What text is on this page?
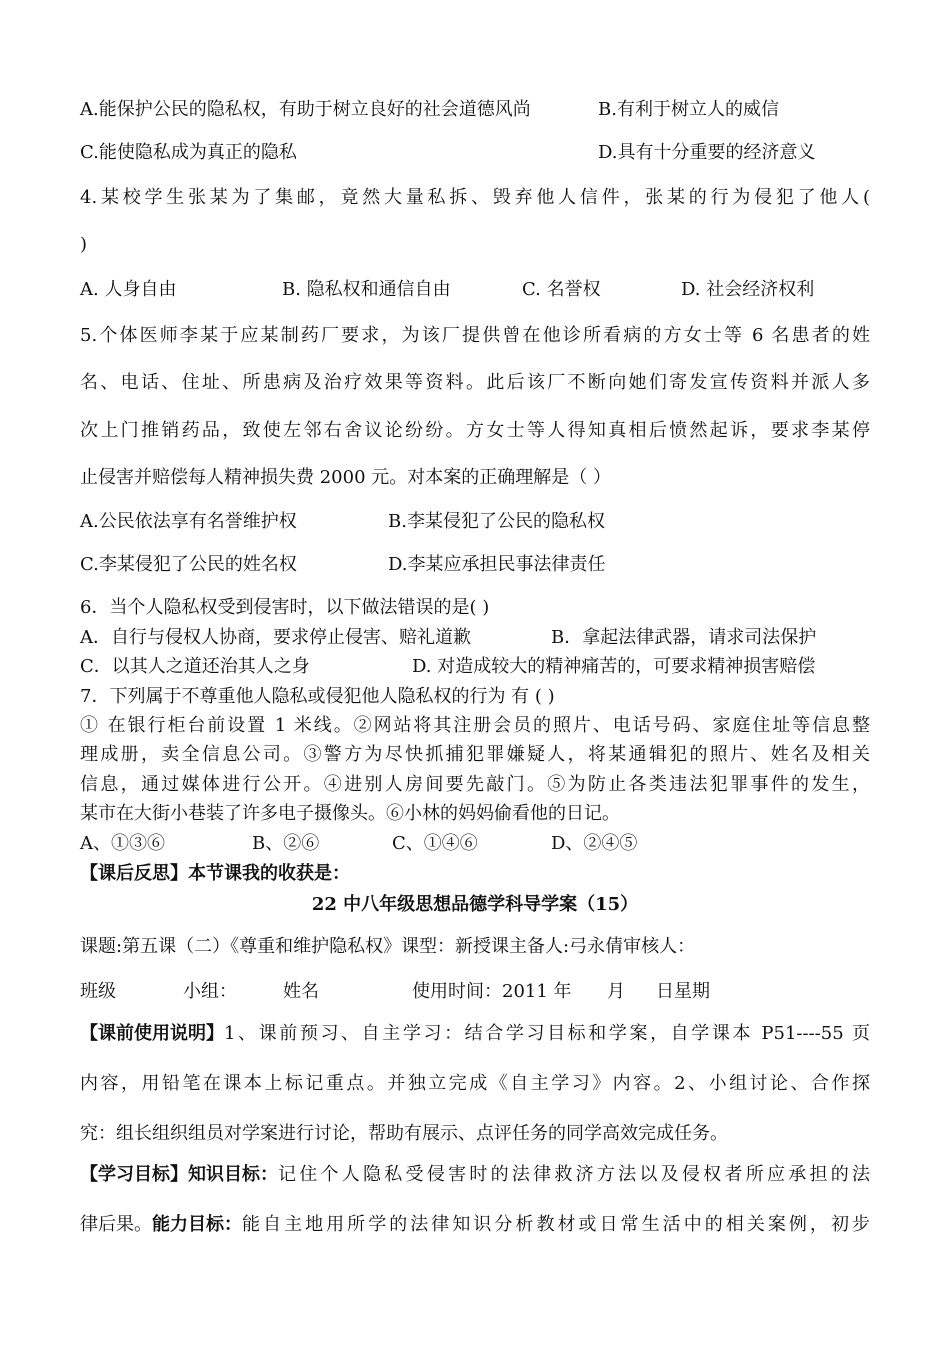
A.能保护公民的隐私权，有助于树立良好的社会道德风尚	B.有利于树立人的威信
C.能使隐私成为真正的隐私	D.具有十分重要的经济意义
4.某校学生张某为了集邮，竟然大量私拆、毁弃他人信件，张某的行为侵犯了他人(
)
A. 人身自由	B. 隐私权和通信自由	C. 名誉权	D. 社会经济权利
5.个体医师李某于应某制药厂要求，为该厂提供曾在他诊所看病的方女士等 6 名患者的姓
名、电话、住址、所患病及治疗效果等资料。此后该厂不断向她们寄发宣传资料并派人多
次上门推销药品，致使左邻右舍议论纷纷。方女士等人得知真相后愤然起诉，要求李某停
止侵害并赔偿每人精神损失费 2000 元。对本案的正确理解是（ ）
A.公民依法享有名誉维护权	B.李某侵犯了公民的隐私权
C.李某侵犯了公民的姓名权	D.李某应承担民事法律责任
6．当个人隐私权受到侵害时，以下做法错误的是( )
A．自行与侵权人协商，要求停止侵害、赔礼道歉	B．拿起法律武器，请求司法保护
C．以其人之道还治其人之身	D. 对造成较大的精神痛苦的，可要求精神损害赔偿
7．下列属于不尊重他人隐私或侵犯他人隐私权的行为 有 ( )
① 在银行柜台前设置 1 米线。②网站将其注册会员的照片、电话号码、家庭住址等信息整
理成册，卖全信息公司。③警方为尽快抓捕犯罪嫌疑人，将某通辑犯的照片、姓名及相关
信息，通过媒体进行公开。④进别人房间要先敲门。⑤为防止各类违法犯罪事件的发生，
某市在大街小巷装了许多电子摄像头。⑥小林的妈妈偷看他的日记。
A、①③⑥	B、②⑥	C、①④⑥	D、②④⑤
【课后反思】本节课我的收获是：
22 中八年级思想品德学科导学案（15）
课题:第五课（二）《尊重和维护隐私权》课型：新授课主备人:弓永倩审核人：
班级	小组：	姓名	使用时间：2011 年 月 日星期
【课前使用说明】 1、课前预习、自主学习：结合学习目标和学案，自学课本 P51----55 页
内容，用铅笔在课本上标记重点。并独立完成《自主学习》内容。2、小组讨论、合作探
究：组长组织组员对学案进行讨论，帮助有展示、点评任务的同学高效完成任务。
【学习目标】 知识目标： 记住个人隐私受侵害时的法律救济方法以及侵权者所应承担的法
律后果。 能力目标： 能自主地用所学的法律知识分析教材或日常生活中的相关案例，初步
